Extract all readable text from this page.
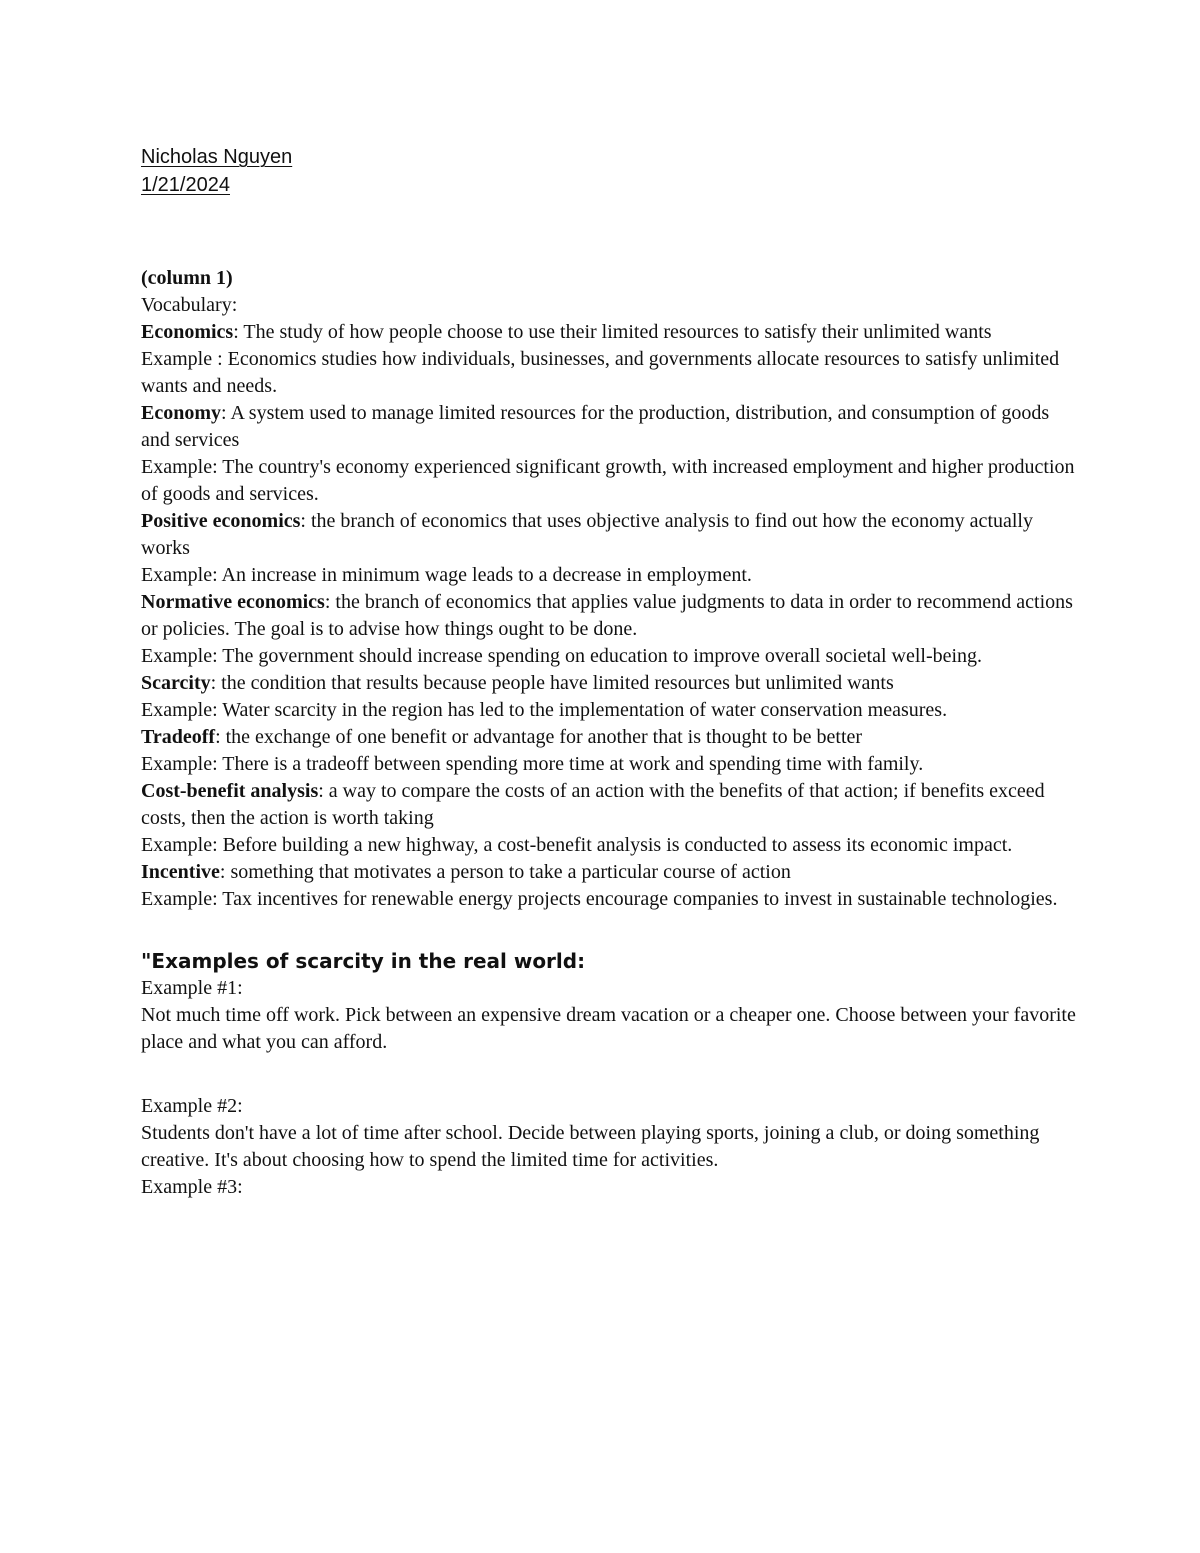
Nicholas Nguyen
1/21/2024

(column 1)

Vocabulary:

Economics: The study of how people choose to use their limited resources to satisfy their unlimited wants

Example : Economics studies how individuals, businesses, and governments allocate resources to satisfy unlimited wants and needs.

Economy: A system used to manage limited resources for the production, distribution, and consumption of goods and services

Example: The country's economy experienced significant growth, with increased employment and higher production of goods and services.

Positive economics: the branch of economics that uses objective analysis to find out how the economy actually works

Example: An increase in minimum wage leads to a decrease in employment.

Normative economics: the branch of economics that applies value judgments to data in order to recommend actions or policies. The goal is to advise how things ought to be done.

Example: The government should increase spending on education to improve overall societal well-being.

Scarcity: the condition that results because people have limited resources but unlimited wants

Example: Water scarcity in the region has led to the implementation of water conservation measures.

Tradeoff: the exchange of one benefit or advantage for another that is thought to be better

Example: There is a tradeoff between spending more time at work and spending time with family.

Cost-benefit analysis: a way to compare the costs of an action with the benefits of that action; if benefits exceed costs, then the action is worth taking

Example: Before building a new highway, a cost-benefit analysis is conducted to assess its economic impact.

Incentive: something that motivates a person to take a particular course of action

Example: Tax incentives for renewable energy projects encourage companies to invest in sustainable technologies.

"Examples of scarcity in the real world:

Example #1:

Not much time off work. Pick between an expensive dream vacation or a cheaper one. Choose between your favorite place and what you can afford.

Example #2:

Students don't have a lot of time after school. Decide between playing sports, joining a club, or doing something creative. It's about choosing how to spend the limited time for activities.

Example #3:
